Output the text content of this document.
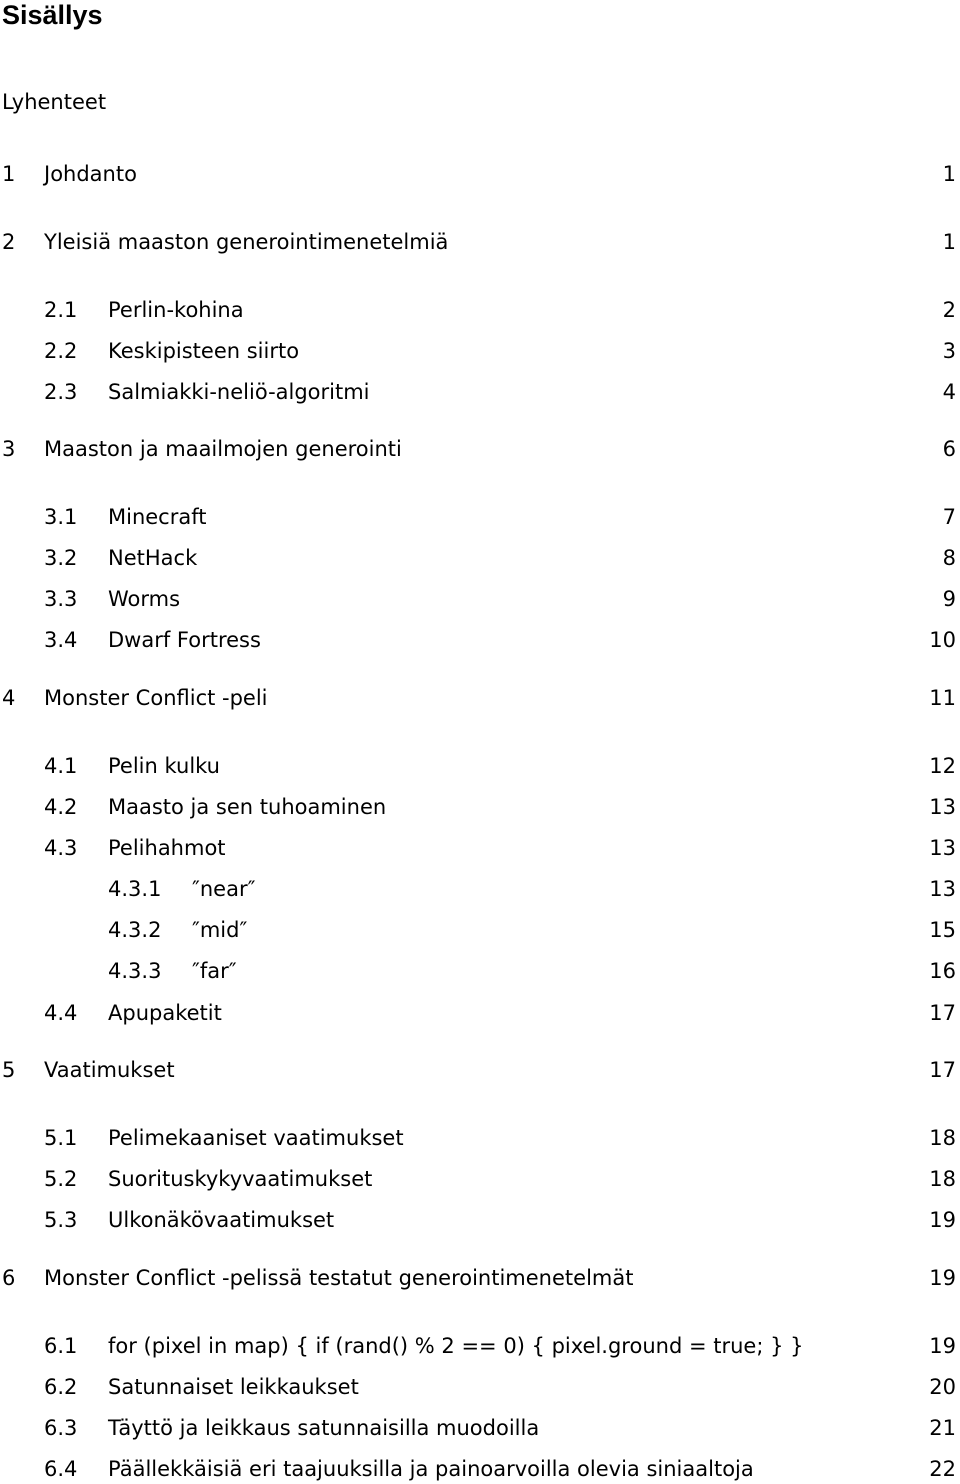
Sisällys
Lyhenteet
1 Johdanto	1
2 Yleisiä maaston generointimenetelmiä	1
2.1 Perlin-kohina	2
2.2 Keskipisteen siirto	3
2.3 Salmiakki-neliö-algoritmi	4
3 Maaston ja maailmojen generointi	6
3.1 Minecraft	7
3.2 NetHack	8
3.3 Worms	9
3.4 Dwarf Fortress	10
4 Monster Conflict -peli	11
4.1 Pelin kulku	12
4.2 Maasto ja sen tuhoaminen	13
4.3 Pelihahmot	13
4.3.1 ″near″	13
4.3.2 ″mid″	15
4.3.3 ″far″	16
4.4 Apupaketit	17
5 Vaatimukset	17
5.1 Pelimekaaniset vaatimukset	18
5.2 Suorituskykyvaatimukset	18
5.3 Ulkonäkövaatimukset	19
6 Monster Conflict -pelissä testatut generointimenetelmät	19
6.1 for (pixel in map) { if (rand() % 2 == 0) { pixel.ground = true; } }	19
6.2 Satunnaiset leikkaukset	20
6.3 Täyttö ja leikkaus satunnaisilla muodoilla	21
6.4 Päällekkäisiä eri taajuuksilla ja painoarvoilla olevia siniaaltoja	22
